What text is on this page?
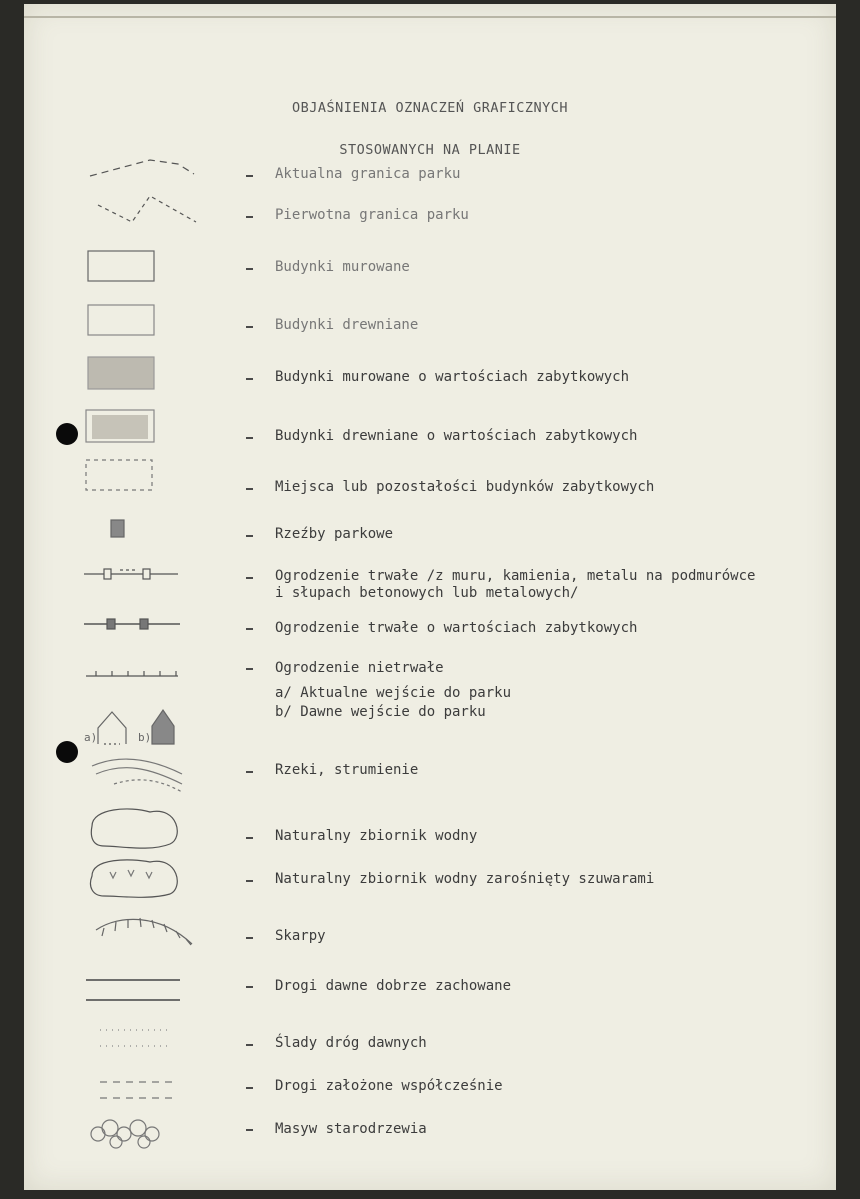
OBJAŚNIENIA OZNACZEŃ GRAFICZNYCH
STOSOWANYCH NA PLANIE
Aktualna granica parku
Pierwotna granica parku
Budynki murowane
Budynki drewniane
Budynki murowane o wartościach zabytkowych
Budynki drewniane o wartościach zabytkowych
Miejsca lub pozostałości budynków zabytkowych
Rzeźby parkowe
Ogrodzenie trwałe /z muru, kamienia, metalu na podmurówce
i słupach betonowych lub metalowych/
Ogrodzenie trwałe o wartościach zabytkowych
Ogrodzenie nietrwałe
a/ Aktualne wejście do parku
b/ Dawne wejście do parku
Rzeki, strumienie
Naturalny zbiornik wodny
Naturalny zbiornik wodny zarośnięty szuwarami
Skarpy
Drogi dawne dobrze zachowane
Ślady dróg dawnych
Drogi założone współcześnie
Masyw starodrzewia
a)	b)
